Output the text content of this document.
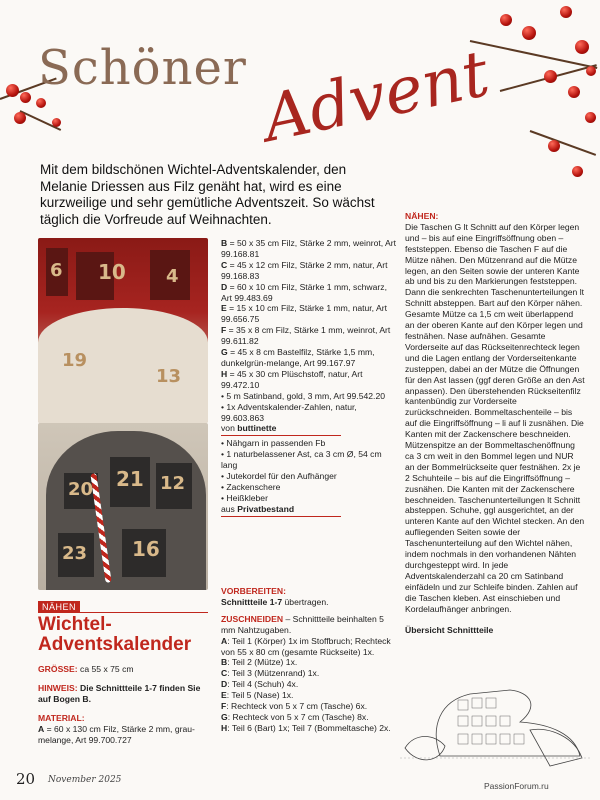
Schöner Advent
Mit dem bildschönen Wichtel-Adventskalender, den Melanie Driessen aus Filz genäht hat, wird es eine kurzweilige und sehr gemütliche Adventszeit. So wächst täglich die Vorfreude auf Weihnachten.
6 10 4
19
13
20 21 12
23 16
B = 50 x 35 cm Filz, Stärke 2 mm, weinrot, Art 99.168.81
C = 45 x 12 cm Filz, Stärke 2 mm, natur, Art 99.168.83
D = 60 x 10 cm Filz, Stärke 1 mm, schwarz, Art 99.483.69
E = 15 x 10 cm Filz, Stärke 1 mm, natur, Art 99.656.75
F = 35 x 8 cm Filz, Stärke 1 mm, weinrot, Art 99.611.82
G = 45 x 8 cm Bastelfilz, Stärke 1,5 mm, dunkelgrün-melange, Art 99.167.97
H = 45 x 30 cm Plüschstoff, natur, Art 99.472.10
• 5 m Satinband, gold, 3 mm, Art 99.542.20
• 1x Adventskalender-Zahlen, natur, 99.603.863
von buttinette
• Nähgarn in passenden Fb
• 1 naturbelassener Ast, ca 3 cm Ø, 54 cm lang
• Jutekordel für den Aufhänger
• Zackenschere
• Heißkleber
aus Privatbestand
VORBEREITEN:
Schnittteile 1-7 übertragen.
ZUSCHNEIDEN – Schnittteile beinhalten 5 mm Nahtzugaben.
A: Teil 1 (Körper) 1x im Stoffbruch; Rechteck von 55 x 80 cm (gesamte Rückseite) 1x.
B: Teil 2 (Mütze) 1x.
C: Teil 3 (Mützenrand) 1x.
D: Teil 4 (Schuh) 4x.
E: Teil 5 (Nase) 1x.
F: Rechteck von 5 x 7 cm (Tasche) 6x.
G: Rechteck von 5 x 7 cm (Tasche) 8x.
H: Teil 6 (Bart) 1x; Teil 7 (Bommeltasche) 2x.
NÄHEN
Wichtel-Adventskalender
GRÖSSE: ca 55 x 75 cm
HINWEIS: Die Schnittteile 1-7 finden Sie auf Bogen B.
MATERIAL:
A = 60 x 130 cm Filz, Stärke 2 mm, grau-melange, Art 99.700.727
NÄHEN:
Die Taschen G lt Schnitt auf den Körper legen und – bis auf eine Eingriffsöffnung oben – feststeppen. Ebenso die Taschen F auf die Mütze nähen. Den Mützenrand auf die Mütze legen, an den Seiten sowie der unteren Kante ab und bis zu den Markierungen feststeppen. Dann die senkrechten Taschenunterteilungen lt Schnitt absteppen. Bart auf den Körper nähen. Gesamte Mütze ca 1,5 cm weit überlappend an der oberen Kante auf den Körper legen und festnähen. Nase aufnähen. Gesamte Vorderseite auf das Rückseitenrechteck legen und die Lagen entlang der Vorderseitenkante zusteppen, dabei an der Mütze die Öffnungen für den Ast lassen (ggf deren Größe an den Ast anpassen). Den überstehenden Rückseitenfilz kantenbündig zur Vorderseite zurückschneiden. Bommeltaschenteile – bis auf die Eingriffsöffnung – li auf li zusnähen. Die Kanten mit der Zackenschere beschneiden. Mützenspitze an der Bommeltaschenöffnung ca 3 cm weit in den Bommel legen und NUR an der Bommelrückseite quer festnähen. 2x je 2 Schuhteile – bis auf die Eingriffsöffnung – zusnähen. Die Kanten mit der Zackenschere beschneiden. Taschenunterteilungen lt Schnitt absteppen. Schuhe, ggl ausgerichtet, an der unteren Kante auf den Wichtel stecken. An den aufliegenden Seiten sowie der Taschenunterteilung auf den Wichtel nähen, indem nochmals in den vorhandenen Nähten durchgesteppt wird. In jede Adventskalenderzahl ca 20 cm Satinband einfädeln und zur Schleife binden. Zahlen auf die Taschen kleben. Ast einschieben und Kordelaufhänger anbringen.
Übersicht Schnittteile
20 November 2025
PassionForum.ru
